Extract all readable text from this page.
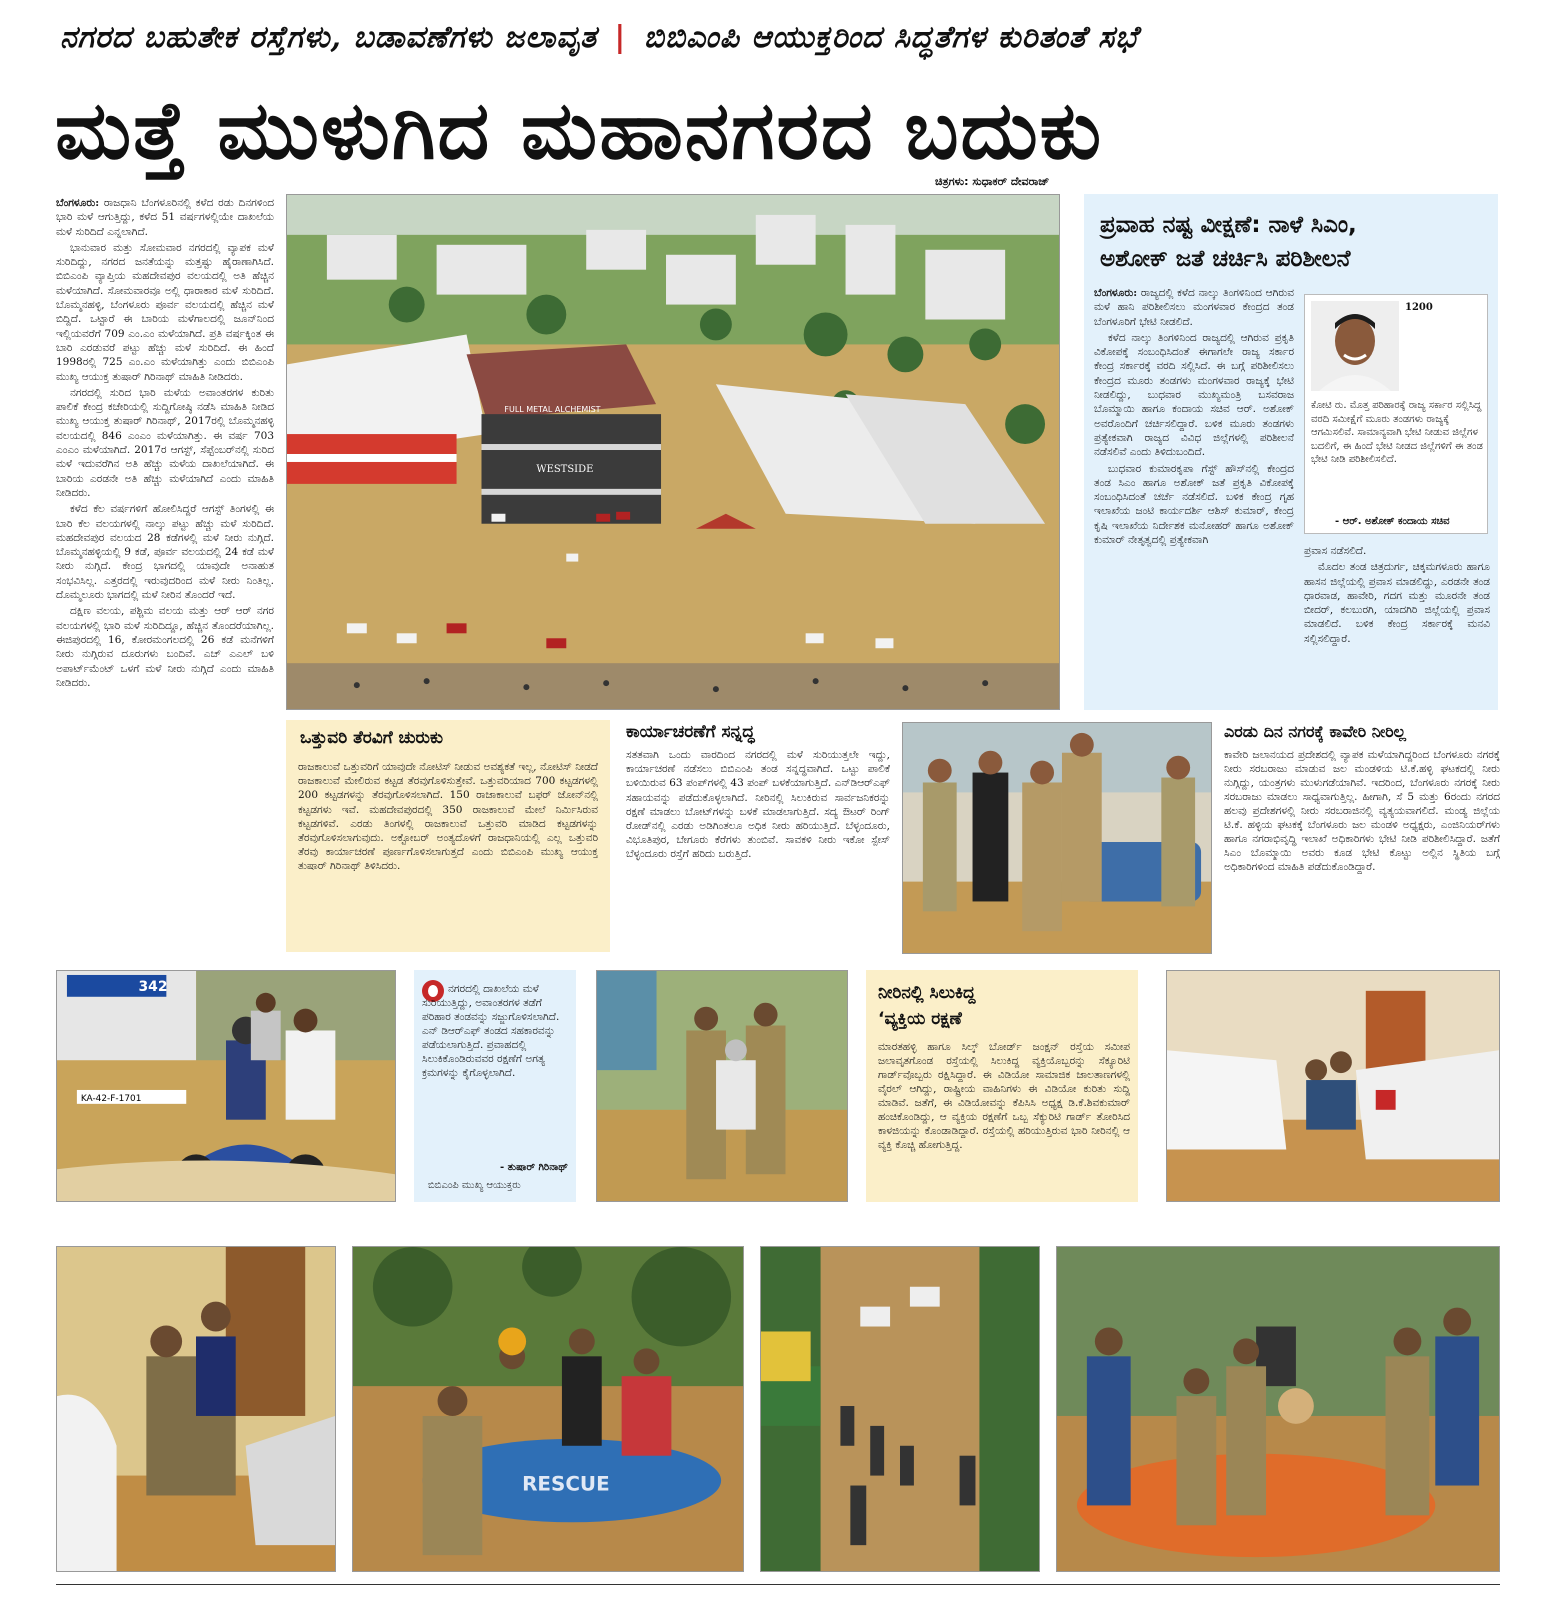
ನಗರದ ಬಹುತೇಕ ರಸ್ತೆಗಳು, ಬಡಾವಣೆಗಳು ಜಲಾವೃತ | ಬಿಬಿಎಂಪಿ ಆಯುಕ್ತರಿಂದ ಸಿದ್ಧತೆಗಳ ಕುರಿತಂತೆ ಸಭೆ
ಮತ್ತೆ ಮುಳುಗಿದ ಮಹಾನಗರದ ಬದುಕು
ಚಿತ್ರಗಳು: ಸುಧಾಕರ್ ದೇವರಾಜ್

ಬೆಂಗಳೂರು: ರಾಜಧಾನಿ ಬೆಂಗಳೂರಿನಲ್ಲಿ ಕಳೆದ ರಡು ದಿನಗಳಿಂದ ಭಾರಿ ಮಳೆ ಆಗುತ್ತಿದ್ದು, ಕಳೆದ 51 ವರ್ಷಗಳಲ್ಲಿಯೇ ದಾಖಲೆಯ ಮಳೆ ಸುರಿದಿದೆ ಎನ್ನಲಾಗಿದೆ.

ಭಾನುವಾರ ಮತ್ತು ಸೋಮವಾರ ನಗರದಲ್ಲಿ ವ್ಯಾಪಕ ಮಳೆ ಸುರಿದಿದ್ದು, ನಗರದ ಜನತೆಯನ್ನು ಮತ್ತಷ್ಟು ಹೈರಾಣಾಗಿಸಿದೆ. ಬಿಬಿಎಂಪಿ ವ್ಯಾಪ್ತಿಯ ಮಹದೇವಪುರ ವಲಯದಲ್ಲಿ ಅತಿ ಹೆಚ್ಚಿನ ಮಳೆಯಾಗಿದೆ. ಸೋಮವಾರವೂ ಅಲ್ಲಿ ಧಾರಾಕಾರ ಮಳೆ ಸುರಿದಿದೆ. ಬೊಮ್ಮನಹಳ್ಳಿ, ಬೆಂಗಳೂರು ಪೂರ್ವ ವಲಯದಲ್ಲಿ ಹೆಚ್ಚಿನ ಮಳೆ ಬಿದ್ದಿದೆ. ಒಟ್ಟಾರೆ ಈ ಬಾರಿಯ ಮಳೆಗಾಲದಲ್ಲಿ ಜೂನ್‌ನಿಂದ ಇಲ್ಲಿಯವರೆಗೆ 709 ಎಂ.ಎಂ ಮಳೆಯಾಗಿದೆ. ಪ್ರತಿ ವರ್ಷಕ್ಕಿಂತ ಈ ಬಾರಿ ಎರಡುವರೆ ಪಟ್ಟು ಹೆಚ್ಚು ಮಳೆ ಸುರಿದಿದೆ. ಈ ಹಿಂದೆ 1998ರಲ್ಲಿ 725 ಎಂ.ಎಂ ಮಳೆಯಾಗಿತ್ತು ಎಂದು ಬಿಬಿಎಂಪಿ ಮುಖ್ಯ ಆಯುಕ್ತ ತುಷಾರ್ ಗಿರಿನಾಥ್ ಮಾಹಿತಿ ನೀಡಿದರು.

ನಗರದಲ್ಲಿ ಸುರಿದ ಭಾರಿ ಮಳೆಯ ಅವಾಂತರಗಳ ಕುರಿತು ಪಾಲಿಕೆ ಕೇಂದ್ರ ಕಚೇರಿಯಲ್ಲಿ ಸುದ್ದಿಗೋಷ್ಠಿ ನಡೆಸಿ ಮಾಹಿತಿ ನೀಡಿದ ಮುಖ್ಯ ಆಯುಕ್ತ ತುಷಾರ್ ಗಿರಿನಾಥ್, 2017ರಲ್ಲಿ ಬೊಮ್ಮನಹಳ್ಳಿ ವಲಯದಲ್ಲಿ 846 ಎಂಎಂ ಮಳೆಯಾಗಿತ್ತು. ಈ ವರ್ಷ 703 ಎಂಎಂ ಮಳೆಯಾಗಿದೆ. 2017ರ ಆಗಸ್ಟ್, ಸೆಪ್ಟೆಂಬರ್‌ನಲ್ಲಿ ಸುರಿದ ಮಳೆ ಇದುವರೆಗಿನ ಅತಿ ಹೆಚ್ಚು ಮಳೆಯ ದಾಖಲೆಯಾಗಿದೆ. ಈ ಬಾರಿಯ ಎರಡನೇ ಅತಿ ಹೆಚ್ಚು ಮಳೆಯಾಗಿದೆ ಎಂದು ಮಾಹಿತಿ ನೀಡಿದರು.

ಕಳೆದ ಕೆಲ ವರ್ಷಗಳಿಗೆ ಹೋಲಿಸಿದ್ದರೆ ಆಗಸ್ಟ್ ತಿಂಗಳಲ್ಲಿ ಈ ಬಾರಿ ಕೆಲ ವಲಯಗಳಲ್ಲಿ ನಾಲ್ಕು ಪಟ್ಟು ಹೆಚ್ಚು ಮಳೆ ಸುರಿದಿದೆ. ಮಹದೇವಪುರ ವಲಯದ 28 ಕಡೆಗಳಲ್ಲಿ ಮಳೆ ನೀರು ನುಗ್ಗಿದೆ. ಬೊಮ್ಮನಹಳ್ಳಿಯಲ್ಲಿ 9 ಕಡೆ, ಪೂರ್ವ ವಲಯದಲ್ಲಿ 24 ಕಡೆ ಮಳೆ ನೀರು ನುಗ್ಗಿದೆ. ಕೇಂದ್ರ ಭಾಗದಲ್ಲಿ ಯಾವುದೇ ಅನಾಹುತ ಸಂಭವಿಸಿಲ್ಲ. ಎತ್ತರದಲ್ಲಿ ಇರುವುದರಿಂದ ಮಳೆ ನೀರು ನಿಂತಿಲ್ಲ. ದೊಮ್ಮಲೂರು ಭಾಗದಲ್ಲಿ ಮಳೆ ನೀರಿನ ತೊಂದರೆ ಇದೆ.

ದಕ್ಷಿಣ ವಲಯ, ಪಶ್ಚಿಮ ವಲಯ ಮತ್ತು ಆರ್ ಆರ್ ನಗರ ವಲಯಗಳಲ್ಲಿ ಭಾರಿ ಮಳೆ ಸುರಿದಿದ್ದೂ, ಹೆಚ್ಚಿನ ತೊಂದರೆಯಾಗಿಲ್ಲ. ಈಜಿಪುರದಲ್ಲಿ 16, ಕೋರಮಂಗಲದಲ್ಲಿ 26 ಕಡೆ ಮನೆಗಳಿಗೆ ನೀರು ನುಗ್ಗಿರುವ ದೂರುಗಳು ಬಂದಿವೆ. ಎಚ್ ಎಎಲ್ ಬಳಿ ಅಪಾರ್ಟ್‌ಮೆಂಟ್ ಒಳಗೆ ಮಳೆ ನೀರು ನುಗ್ಗಿದೆ ಎಂದು ಮಾಹಿತಿ ನೀಡಿದರು.

FULL METAL ALCHEMIST
WESTSIDE
ಪ್ರವಾಹ ನಷ್ಟ ವೀಕ್ಷಣೆ: ನಾಳೆ ಸಿಎಂ,
ಅಶೋಕ್ ಜತೆ ಚರ್ಚಿಸಿ ಪರಿಶೀಲನೆ

ಬೆಂಗಳೂರು: ರಾಜ್ಯದಲ್ಲಿ ಕಳೆದ ನಾಲ್ಕು ತಿಂಗಳಿನಿಂದ ಆಗಿರುವ ಮಳೆ ಹಾನಿ ಪರಿಶೀಲಿಸಲು ಮಂಗಳವಾರ ಕೇಂದ್ರದ ತಂಡ ಬೆಂಗಳೂರಿಗೆ ಭೇಟಿ ನೀಡಲಿದೆ.

ಕಳೆದ ನಾಲ್ಕು ತಿಂಗಳಿನಿಂದ ರಾಜ್ಯದಲ್ಲಿ ಆಗಿರುವ ಪ್ರಕೃತಿ ವಿಕೋಪಕ್ಕೆ ಸಂಬಂಧಿಸಿದಂತೆ ಈಗಾಗಲೇ ರಾಜ್ಯ ಸರ್ಕಾರ ಕೇಂದ್ರ ಸರ್ಕಾರಕ್ಕೆ ವರದಿ ಸಲ್ಲಿಸಿದೆ. ಈ ಬಗ್ಗೆ ಪರಿಶೀಲಿಸಲು ಕೇಂದ್ರದ ಮೂರು ತಂಡಗಳು ಮಂಗಳವಾರ ರಾಜ್ಯಕ್ಕೆ ಭೇಟಿ ನೀಡಲಿದ್ದು, ಬುಧವಾರ ಮುಖ್ಯಮಂತ್ರಿ ಬಸವರಾಜ ಬೊಮ್ಮಾಯಿ ಹಾಗೂ ಕಂದಾಯ ಸಚಿವ ಆರ್. ಅಶೋಕ್ ಅವರೊಂದಿಗೆ ಚರ್ಚಿಸಲಿದ್ದಾರೆ. ಬಳಿಕ ಮೂರು ತಂಡಗಳು ಪ್ರತ್ಯೇಕವಾಗಿ ರಾಜ್ಯದ ವಿವಿಧ ಜಿಲ್ಲೆಗಳಲ್ಲಿ ಪರಿಶೀಲನೆ ನಡೆಸಲಿವೆ ಎಂದು ತಿಳಿದುಬಂದಿದೆ.

ಬುಧವಾರ ಕುಮಾರಕೃಪಾ ಗೆಸ್ಟ್ ಹೌಸ್‌ನಲ್ಲಿ ಕೇಂದ್ರದ ತಂಡ ಸಿಎಂ ಹಾಗೂ ಅಶೋಕ್ ಜತೆ ಪ್ರಕೃತಿ ವಿಕೋಪಕ್ಕೆ ಸಂಬಂಧಿಸಿದಂತೆ ಚರ್ಚೆ ನಡೆಸಲಿದೆ. ಬಳಿಕ ಕೇಂದ್ರ ಗೃಹ ಇಲಾಖೆಯ ಜಂಟಿ ಕಾರ್ಯದರ್ಶಿ ಆಶಿಸ್ ಕುಮಾರ್, ಕೇಂದ್ರ ಕೃಷಿ ಇಲಾಖೆಯ ನಿರ್ದೇಶಕ ಮನೋಹರ್ ಹಾಗೂ ಅಶೋಕ್ ಕುಮಾರ್ ನೇತೃತ್ವದಲ್ಲಿ ಪ್ರತ್ಯೇಕವಾಗಿ

1200
ಕೋಟಿ ರು. ಮೊತ್ತ ಪರಿಹಾರಕ್ಕೆ ರಾಜ್ಯ ಸರ್ಕಾರ ಸಲ್ಲಿಸಿದ್ದ ವರದಿ ಸಮೀಕ್ಷೆಗೆ ಮೂರು ತಂಡಗಳು ರಾಜ್ಯಕ್ಕೆ ಆಗಮಿಸಲಿವೆ. ಸಾಮಾನ್ಯವಾಗಿ ಭೇಟಿ ನೀಡುವ ಜಿಲ್ಲೆಗಳ ಬದಲಿಗೆ, ಈ ಹಿಂದೆ ಭೇಟಿ ನೀಡದ ಜಿಲ್ಲೆಗಳಿಗೆ ಈ ತಂಡ ಭೇಟಿ ನೀಡಿ ಪರಿಶೀಲಿಸಲಿದೆ.
- ಆರ್. ಅಶೋಕ್ ಕಂದಾಯ ಸಚಿವ

ಪ್ರವಾಸ ನಡೆಸಲಿದೆ.

ಮೊದಲ ತಂಡ ಚಿತ್ರದುರ್ಗ, ಚಿಕ್ಕಮಗಳೂರು ಹಾಗೂ ಹಾಸನ ಜಿಲ್ಲೆಯಲ್ಲಿ ಪ್ರವಾಸ ಮಾಡಲಿದ್ದು, ಎರಡನೇ ತಂಡ ಧಾರವಾಡ, ಹಾವೇರಿ, ಗದಗ ಮತ್ತು ಮೂರನೇ ತಂಡ ಬೀದರ್, ಕಲಬುರಗಿ, ಯಾದಗಿರಿ ಜಿಲ್ಲೆಯಲ್ಲಿ ಪ್ರವಾಸ ಮಾಡಲಿದೆ. ಬಳಿಕ ಕೇಂದ್ರ ಸರ್ಕಾರಕ್ಕೆ ಮನವಿ ಸಲ್ಲಿಸಲಿದ್ದಾರೆ.

ಒತ್ತುವರಿ ತೆರವಿಗೆ ಚುರುಕು
ರಾಜಕಾಲುವೆ ಒತ್ತುವರಿಗೆ ಯಾವುದೇ ನೋಟಿಸ್ ನೀಡುವ ಅವಶ್ಯಕತೆ ಇಲ್ಲ, ನೋಟಿಸ್ ನೀಡದೆ ರಾಜಕಾಲುವೆ ಮೇಲಿರುವ ಕಟ್ಟಡ ತೆರವುಗೊಳಿಸುತ್ತೇವೆ. ಒತ್ತುವರಿಯಾದ 700 ಕಟ್ಟಡಗಳಲ್ಲಿ 200 ಕಟ್ಟಡಗಳನ್ನು ತೆರವುಗೊಳಿಸಲಾಗಿದೆ. 150 ರಾಜಾಕಾಲುವೆ ಬಫರ್ ಜೋನ್‌ನಲ್ಲಿ ಕಟ್ಟಡಗಳು ಇವೆ. ಮಹದೇವಪುರದಲ್ಲಿ 350 ರಾಜಕಾಲುವೆ ಮೇಲೆ ನಿರ್ಮಿಸಿರುವ ಕಟ್ಟಡಗಳಿವೆ. ಎರಡು ತಿಂಗಳಲ್ಲಿ ರಾಜಕಾಲುವೆ ಒತ್ತುವರಿ ಮಾಡಿದ ಕಟ್ಟಡಗಳನ್ನು ತೆರವುಗೊಳಿಸಲಾಗುವುದು. ಅಕ್ಟೋಬರ್ ಅಂತ್ಯದೊಳಗೆ ರಾಜಧಾನಿಯಲ್ಲಿ ಎಲ್ಲ ಒತ್ತುವರಿ ತೆರವು ಕಾರ್ಯಾಚರಣೆ ಪೂರ್ಣಗೊಳಿಸಲಾಗುತ್ತದೆ ಎಂದು ಬಿಬಿಎಂಪಿ ಮುಖ್ಯ ಆಯುಕ್ತ ತುಷಾರ್ ಗಿರಿನಾಥ್ ತಿಳಿಸಿದರು.
ಕಾರ್ಯಾಚರಣೆಗೆ ಸನ್ನದ್ಧ
ಸತತವಾಗಿ ಒಂದು ವಾರದಿಂದ ನಗರದಲ್ಲಿ ಮಳೆ ಸುರಿಯುತ್ತಲೇ ಇದ್ದು, ಕಾರ್ಯಾಚರಣೆ ನಡೆಸಲು ಬಿಬಿಎಂಪಿ ತಂಡ ಸನ್ನದ್ಧವಾಗಿದೆ. ಒಟ್ಟು ಪಾಲಿಕೆ ಬಳಿಯಿರುವ 63 ಪಂಪ್‌ಗಳಲ್ಲಿ 43 ಪಂಪ್ ಬಳಕೆಯಾಗುತ್ತಿದೆ. ಎನ್‌ಡಿಆರ್‌ಎಫ್ ಸಹಾಯವನ್ನು ಪಡೆದುಕೊಳ್ಳಲಾಗಿದೆ. ನೀರಿನಲ್ಲಿ ಸಿಲುಕಿರುವ ಸಾರ್ವಜನಿಕರನ್ನು ರಕ್ಷಣೆ ಮಾಡಲು ಬೋಟ್‌ಗಳನ್ನು ಬಳಕೆ ಮಾಡಲಾಗುತ್ತಿದೆ. ಸದ್ಯ ಔಟರ್ ರಿಂಗ್ ರೋಡ್‌ನಲ್ಲಿ ಎರಡು ಅಡಿಗಿಂತಲೂ ಅಧಿಕ ನೀರು ಹರಿಯುತ್ತಿದೆ. ಬೆಳ್ಳಂದೂರು, ವಿಭೂತಿಪುರ, ಬೇಗೂರು ಕೆರೆಗಳು ತುಂಬಿವೆ. ಸಾವಕಳಿ ನೀರು ಇಕೋ ಸ್ಪೇಸ್ ಬೆಳ್ಳಂದೂರು ರಸ್ತೆಗೆ ಹರಿದು ಬರುತ್ತಿದೆ.
ಎರಡು ದಿನ ನಗರಕ್ಕೆ ಕಾವೇರಿ ನೀರಿಲ್ಲ
ಕಾವೇರಿ ಜಲಾನಯದ ಪ್ರದೇಶದಲ್ಲಿ ವ್ಯಾಪಕ ಮಳೆಯಾಗಿದ್ದರಿಂದ ಬೆಂಗಳೂರು ನಗರಕ್ಕೆ ನೀರು ಸರಬರಾಜು ಮಾಡುವ ಜಲ ಮಂಡಳಿಯ ಟಿ.ಕೆ.ಹಳ್ಳಿ ಘಟಕದಲ್ಲಿ ನೀರು ನುಗ್ಗಿದ್ದು, ಯಂತ್ರಗಳು ಮುಳುಗಡೆಯಾಗಿವೆ. ಇದರಿಂದ, ಬೆಂಗಳೂರು ನಗರಕ್ಕೆ ನೀರು ಸರಬರಾಜು ಮಾಡಲು ಸಾಧ್ಯವಾಗುತ್ತಿಲ್ಲ. ಹೀಗಾಗಿ, ಸೆ 5 ಮತ್ತು 6ರಂದು ನಗರದ ಹಲವು ಪ್ರದೇಶಗಳಲ್ಲಿ ನೀರು ಸರಬರಾಜಿನಲ್ಲಿ ವ್ಯತ್ಯಯವಾಗಲಿದೆ. ಮಂಡ್ಯ ಜಿಲ್ಲೆಯ ಟಿ.ಕೆ. ಹಳ್ಳಿಯ ಘಟಕಕ್ಕೆ ಬೆಂಗಳೂರು ಜಲ ಮಂಡಳಿ ಅಧ್ಯಕ್ಷರು, ಎಂಜಿನಿಯರ್‌ಗಳು ಹಾಗೂ ನಗರಾಭಿವೃದ್ಧಿ ಇಲಾಖೆ ಅಧಿಕಾರಿಗಳು ಭೇಟಿ ನೀಡಿ ಪರಿಶೀಲಿಸಿದ್ದಾರೆ. ಜತೆಗೆ ಸಿಎಂ ಬೊಮ್ಮಾಯಿ ಅವರು ಕೂಡ ಭೇಟಿ ಕೊಟ್ಟು ಅಲ್ಲಿನ ಸ್ಥಿತಿಯ ಬಗ್ಗೆ ಅಧಿಕಾರಿಗಳಿಂದ ಮಾಹಿತಿ ಪಡೆದುಕೊಂಡಿದ್ದಾರೆ.
342
KA-42-F-1701
ನಗರದಲ್ಲಿ ದಾಖಲೆಯ ಮಳೆ ಸುರಿಯುತ್ತಿದ್ದು, ಅವಾಂತರಗಳ ತಡೆಗೆ ಪರಿಹಾರ ತಂಡವನ್ನು ಸಜ್ಜುಗೊಳಿಸಲಾಗಿದೆ. ಎನ್ ಡಿಆರ್‌ಎಫ್ ತಂಡದ ಸಹಕಾರವನ್ನು ಪಡೆಯಲಾಗುತ್ತಿದೆ. ಪ್ರವಾಹದಲ್ಲಿ ಸಿಲುಕಿಕೊಂಡಿರುವವರ ರಕ್ಷಣೆಗೆ ಅಗತ್ಯ ಕ್ರಮಗಳನ್ನು ಕೈಗೊಳ್ಳಲಾಗಿದೆ.
- ತುಷಾರ್ ಗಿರಿನಾಥ್
ಬಿಬಿಎಂಪಿ ಮುಖ್ಯ ಆಯುಕ್ತರು
ನೀರಿನಲ್ಲಿ ಸಿಲುಕಿದ್ದ
‘ವ್ಯಕ್ತಿಯ ರಕ್ಷಣೆ
ಮಾರತಹಳ್ಳಿ ಹಾಗೂ ಸಿಲ್ಕ್ ಬೋರ್ಡ್ ಜಂಕ್ಷನ್ ರಸ್ತೆಯ ಸಮೀಪ ಜಲಾವೃತಗೊಂಡ ರಸ್ತೆಯಲ್ಲಿ ಸಿಲುಕಿದ್ದ ವ್ಯಕ್ತಿಯೊಬ್ಬರನ್ನು ಸೆಕ್ಯೂರಿಟಿ ಗಾರ್ಡ್‌ವೊಬ್ಬರು ರಕ್ಷಿಸಿದ್ದಾರೆ. ಈ ವಿಡಿಯೋ ಸಾಮಾಜಿಕ ಜಾಲತಾಣಗಳಲ್ಲಿ ವೈರಲ್ ಆಗಿದ್ದು, ರಾಷ್ಟ್ರೀಯ ವಾಹಿನಿಗಳು ಈ ವಿಡಿಯೋ ಕುರಿತು ಸುದ್ದಿ ಮಾಡಿವೆ. ಜತೆಗೆ, ಈ ವಿಡಿಯೋವನ್ನು ಕೆಪಿಸಿಸಿ ಅಧ್ಯಕ್ಷ ಡಿ.ಕೆ.ಶಿವಕುಮಾರ್ ಹಂಚಿಕೊಂಡಿದ್ದು, ಆ ವ್ಯಕ್ತಿಯ ರಕ್ಷಣೆಗೆ ಒಬ್ಬ ಸೆಕ್ಯುರಿಟಿ ಗಾರ್ಡ್ ತೋರಿಸಿದ ಕಾಳಜಿಯನ್ನು ಕೊಂಡಾಡಿದ್ದಾರೆ. ರಸ್ತೆಯಲ್ಲಿ ಹರಿಯುತ್ತಿರುವ ಭಾರಿ ನೀರಿನಲ್ಲಿ ಆ ವ್ಯಕ್ತಿ ಕೊಚ್ಚಿ ಹೋಗುತ್ತಿದ್ದ.
RESCUE
